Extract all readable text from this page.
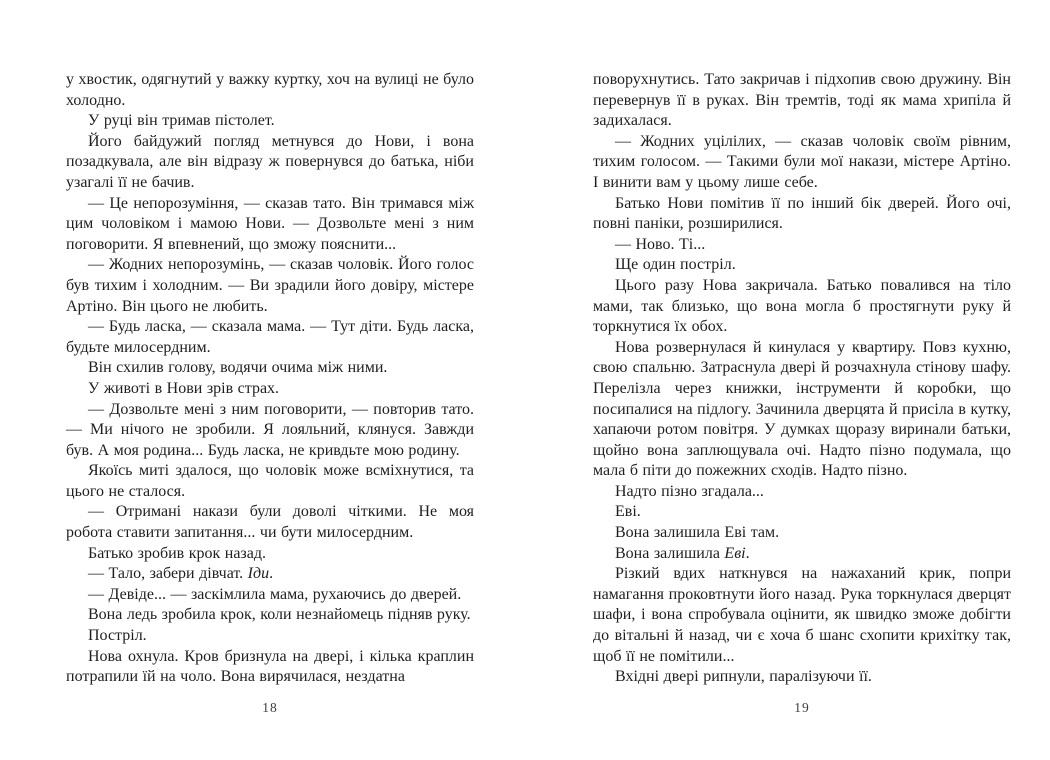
у хвостик, одягнутий у важку куртку, хоч на вулиці не було холодно.

У руці він тримав пістолет.

Його байдужий погляд метнувся до Нови, і вона позадкувала, але він відразу ж повернувся до батька, ніби узагалі її не бачив.

— Це непорозуміння, — сказав тато. Він тримався між цим чоловіком і мамою Нови. — Дозвольте мені з ним поговорити. Я впевнений, що зможу пояснити...

— Жодних непорозумінь, — сказав чоловік. Його голос був тихим і холодним. — Ви зрадили його довіру, містере Артіно. Він цього не любить.

— Будь ласка, — сказала мама. — Тут діти. Будь ласка, будьте милосердним.

Він схилив голову, водячи очима між ними.

У животі в Нови зрів страх.

— Дозвольте мені з ним поговорити, — повторив тато. — Ми нічого не зробили. Я лояльний, клянуся. Завжди був. А моя родина... Будь ласка, не кривдьте мою родину.

Якоїсь миті здалося, що чоловік може всміхнутися, та цього не сталося.

— Отримані накази були доволі чіткими. Не моя робота ставити запитання... чи бути милосердним.

Батько зробив крок назад.

— Тало, забери дівчат. Іди.

— Девіде... — заскімлила мама, рухаючись до дверей.

Вона ледь зробила крок, коли незнайомець підняв руку.

Постріл.

Нова охнула. Кров бризнула на двері, і кілька краплин потрапили їй на чоло. Вона вирячилася, нездатна

поворухнутись. Тато закричав і підхопив свою дружину. Він перевернув її в руках. Він тремтів, тоді як мама хрипіла й задихалася.

— Жодних уцілілих, — сказав чоловік своїм рівним, тихим голосом. — Такими були мої накази, містере Артіно. І винити вам у цьому лише себе.

Батько Нови помітив її по інший бік дверей. Його очі, повні паніки, розширилися.

— Ново. Ті...

Ще один постріл.

Цього разу Нова закричала. Батько повалився на тіло мами, так близько, що вона могла б простягнути руку й торкнутися їх обох.

Нова розвернулася й кинулася у квартиру. Повз кухню, свою спальню. Затраснула двері й розчахнула стінову шафу. Перелізла через книжки, інструменти й коробки, що посипалися на підлогу. Зачинила дверцята й присіла в кутку, хапаючи ротом повітря. У думках щоразу виринали батьки, щойно вона заплющувала очі. Надто пізно подумала, що мала б піти до пожежних сходів. Надто пізно.

Надто пізно згадала...

Еві.

Вона залишила Еві там.

Вона залишила Еві.

Різкий вдих наткнувся на нажаханий крик, попри намагання проковтнути його назад. Рука торкнулася дверцят шафи, і вона спробувала оцінити, як швидко зможе добігти до вітальні й назад, чи є хоча б шанс схопити крихітку так, щоб її не помітили...

Вхідні двері рипнули, паралізуючи її.

18	19
